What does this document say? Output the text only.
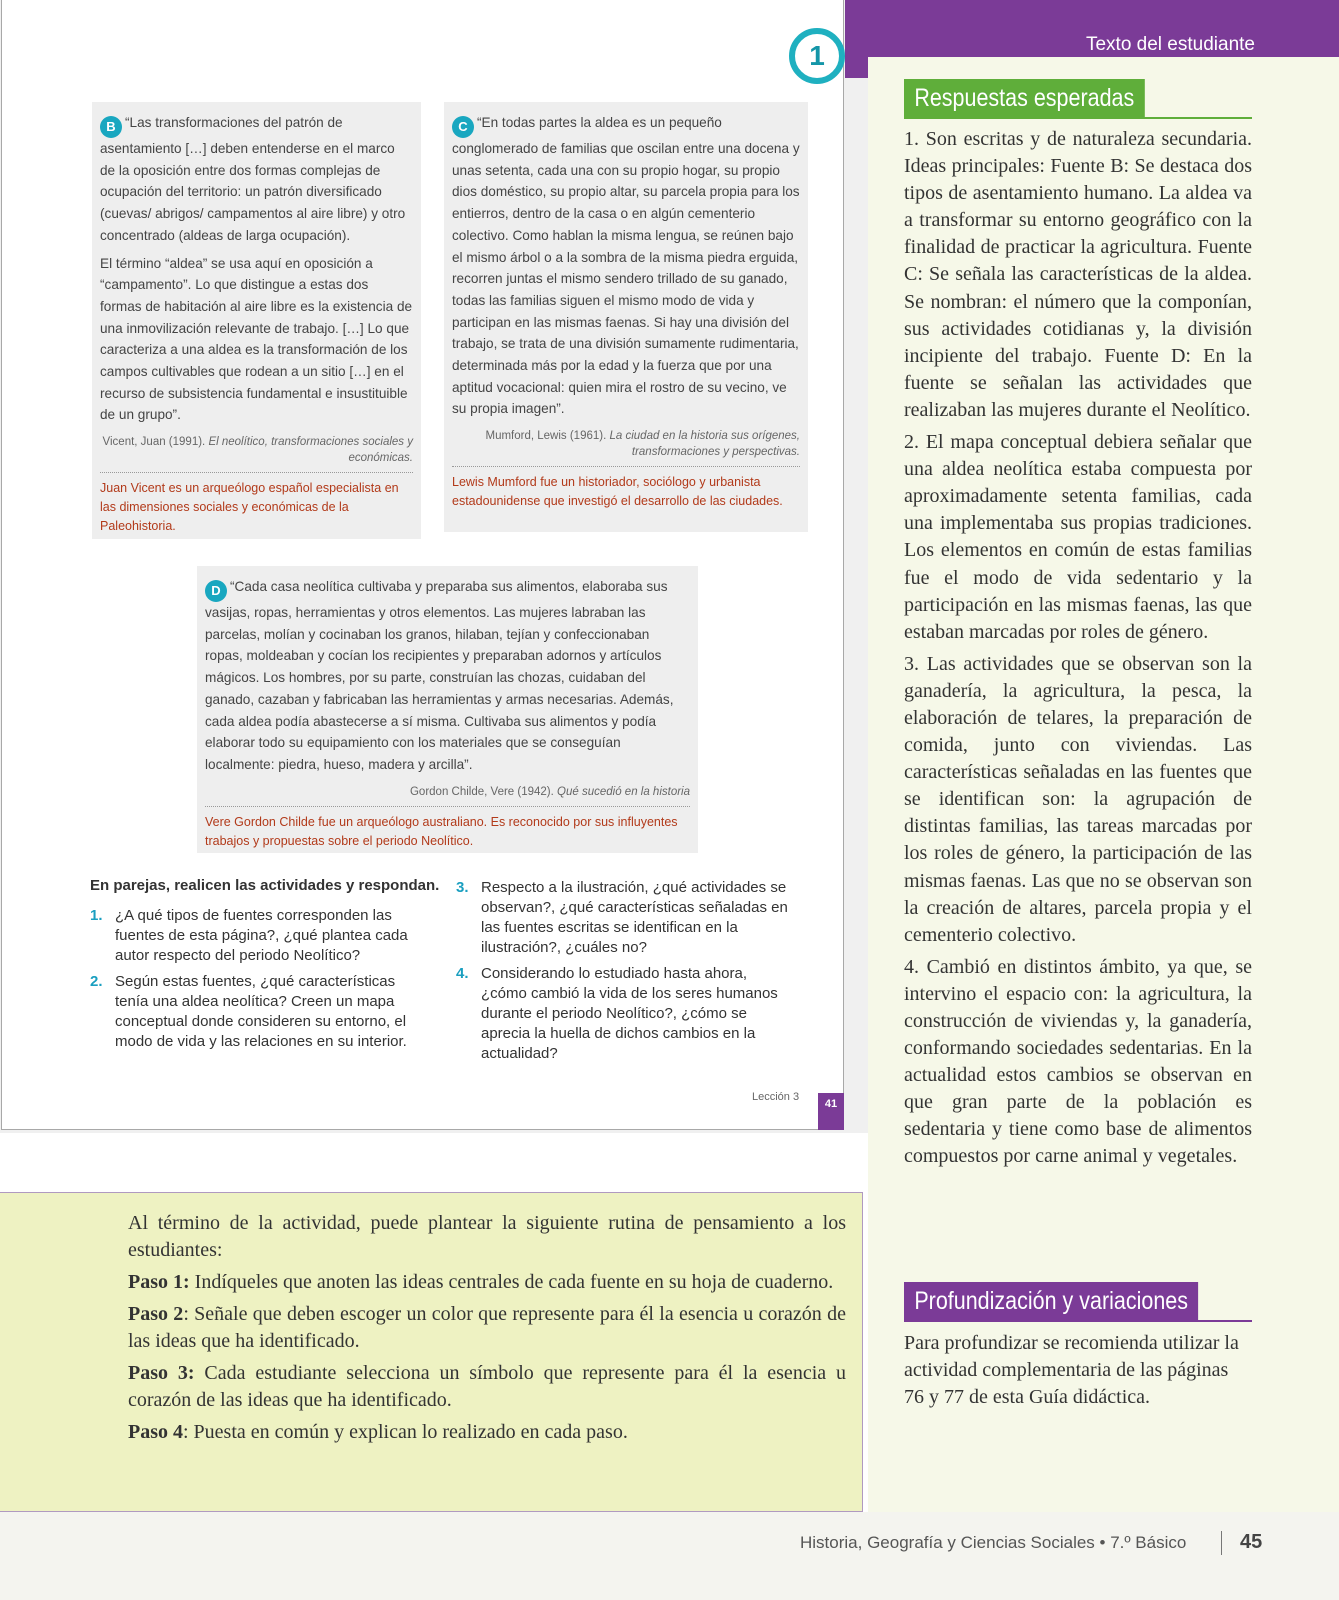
1

B “Las transformaciones del patrón de asentamiento […] deben entenderse en el marco de la oposición entre dos formas complejas de ocupación del territorio: un patrón diversificado (cuevas/ abrigos/ campamentos al aire libre) y otro concentrado (aldeas de larga ocupación).

El término “aldea” se usa aquí en oposición a “campamento”. Lo que distingue a estas dos formas de habitación al aire libre es la existencia de una inmovilización relevante de trabajo. […] Lo que caracteriza a una aldea es la transformación de los campos cultivables que rodean a un sitio […] en el recurso de subsistencia fundamental e insustituible de un grupo”.

Vicent, Juan (1991). El neolítico, transformaciones sociales y económicas.
Juan Vicent es un arqueólogo español especialista en las dimensiones sociales y económicas de la Paleohistoria.

C “En todas partes la aldea es un pequeño conglomerado de familias que oscilan entre una docena y unas setenta, cada una con su propio hogar, su propio dios doméstico, su propio altar, su parcela propia para los entierros, dentro de la casa o en algún cementerio colectivo. Como hablan la misma lengua, se reúnen bajo el mismo árbol o a la sombra de la misma piedra erguida, recorren juntas el mismo sendero trillado de su ganado, todas las familias siguen el mismo modo de vida y participan en las mismas faenas. Si hay una división del trabajo, se trata de una división sumamente rudimentaria, determinada más por la edad y la fuerza que por una aptitud vocacional: quien mira el rostro de su vecino, ve su propia imagen”.

Mumford, Lewis (1961). La ciudad en la historia sus orígenes, transformaciones y perspectivas.
Lewis Mumford fue un historiador, sociólogo y urbanista estadounidense que investigó el desarrollo de las ciudades.

D “Cada casa neolítica cultivaba y preparaba sus alimentos, elaboraba sus vasijas, ropas, herramientas y otros elementos. Las mujeres labraban las parcelas, molían y cocinaban los granos, hilaban, tejían y confeccionaban ropas, moldeaban y cocían los recipientes y preparaban adornos y artículos mágicos. Los hombres, por su parte, construían las chozas, cuidaban del ganado, cazaban y fabricaban las herramientas y armas necesarias. Además, cada aldea podía abastecerse a sí misma. Cultivaba sus alimentos y podía elaborar todo su equipamiento con los materiales que se conseguían localmente: piedra, hueso, madera y arcilla”.

Gordon Childe, Vere (1942). Qué sucedió en la historia
Vere Gordon Childe fue un arqueólogo australiano. Es reconocido por sus influyentes trabajos y propuestas sobre el periodo Neolítico.
En parejas, realicen las actividades y respondan.
1. ¿A qué tipos de fuentes corresponden las fuentes de esta página?, ¿qué plantea cada autor respecto del periodo Neolítico?
2. Según estas fuentes, ¿qué características tenía una aldea neolítica? Creen un mapa conceptual donde consideren su entorno, el modo de vida y las relaciones en su interior.
3. Respecto a la ilustración, ¿qué actividades se observan?, ¿qué características señaladas en las fuentes escritas se identifican en la ilustración?, ¿cuáles no?
4. Considerando lo estudiado hasta ahora, ¿cómo cambió la vida de los seres humanos durante el periodo Neolítico?, ¿cómo se aprecia la huella de dichos cambios en la actualidad?
Lección 3
41
Texto del estudiante
Respuestas esperadas

1. Son escritas y de naturaleza secundaria. Ideas principales: Fuente B: Se destaca dos tipos de asentamiento humano. La aldea va a transformar su entorno geográfico con la finalidad de practicar la agricultura. Fuente C: Se señala las características de la aldea. Se nombran: el número que la componían, sus actividades cotidianas y, la división incipiente del trabajo. Fuente D: En la fuente se señalan las actividades que realizaban las mujeres durante el Neolítico.

2. El mapa conceptual debiera señalar que una aldea neolítica estaba compuesta por aproximadamente setenta familias, cada una implementaba sus propias tradiciones. Los elementos en común de estas familias fue el modo de vida sedentario y la participación en las mismas faenas, las que estaban marcadas por roles de género.

3. Las actividades que se observan son la ganadería, la agricultura, la pesca, la elaboración de telares, la preparación de comida, junto con viviendas. Las características señaladas en las fuentes que se identifican son: la agrupación de distintas familias, las tareas marcadas por los roles de género, la participación de las mismas faenas. Las que no se observan son la creación de altares, parcela propia y el cementerio colectivo.

4. Cambió en distintos ámbito, ya que, se intervino el espacio con: la agricultura, la construcción de viviendas y, la ganadería, conformando sociedades sedentarias. En la actualidad estos cambios se observan en que gran parte de la población es sedentaria y tiene como base de alimentos compuestos por carne animal y vegetales.

Profundización y variaciones
Para profundizar se recomienda utilizar la actividad complementaria de las páginas 76 y 77 de esta Guía didáctica.

Al término de la actividad, puede plantear la siguiente rutina de pensamiento a los estudiantes:

Paso 1: Indíqueles que anoten las ideas centrales de cada fuente en su hoja de cuaderno.

Paso 2: Señale que deben escoger un color que represente para él la esencia u corazón de las ideas que ha identificado.

Paso 3: Cada estudiante selecciona un símbolo que represente para él la esencia u corazón de las ideas que ha identificado.

Paso 4: Puesta en común y explican lo realizado en cada paso.

Historia, Geografía y Ciencias Sociales • 7.º Básico	45
